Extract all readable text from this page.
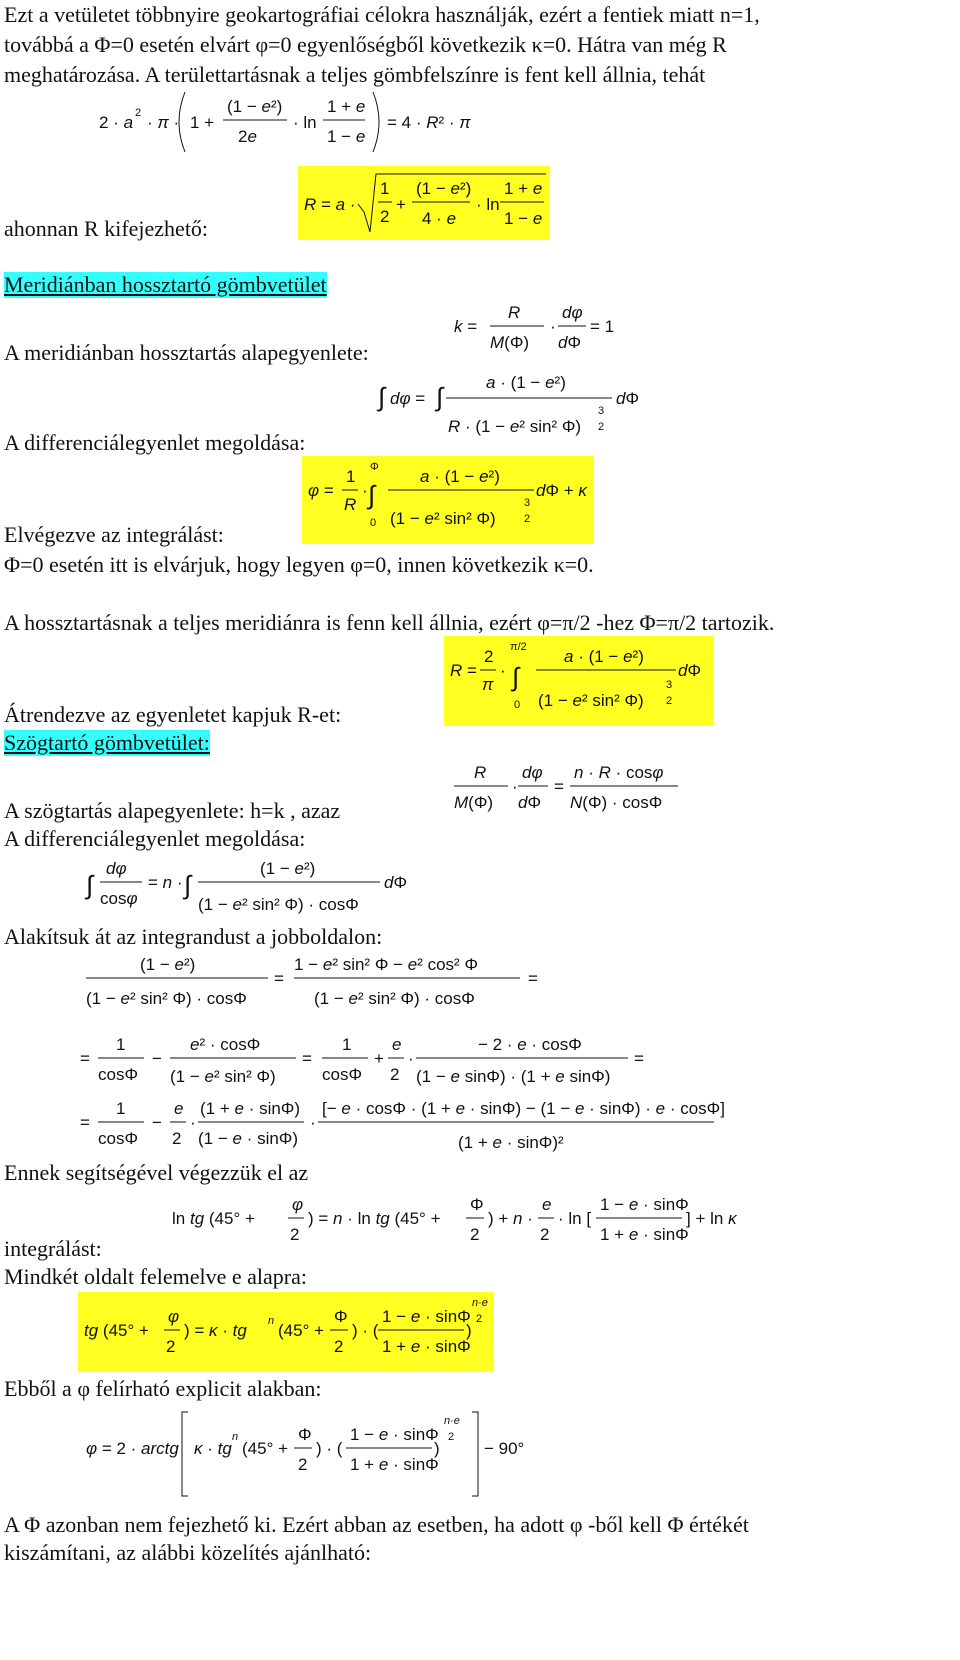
Ezt a vetületet többnyire geokartográfiai célokra használják, ezért a fentiek miatt n=1,
továbbá a Φ=0 esetén elvárt φ=0 egyenlőségből következik κ=0. Hátra van még R
meghatározása. A területtartásnak a teljes gömbfelszínre is fent kell állnia, tehát
2 · a 2 · π · 1 +
(1 − e²)
2e
· ln
1 + e
1 − e
= 4 · R² · π
R = a ·
1
2
+
(1 − e²)
4 · e
· ln
1 + e
1 − e
ahonnan R kifejezhető:
Meridiánban hossztartó gömbvetület
k =
R
M(Φ)
·
dφ
dΦ
= 1
A meridiánban hossztartás alapegyenlete:
∫ dφ = ∫	a · (1 − e²)
R · (1 − e² sin² Φ)
3
2
dΦ
A differenciálegyenlet megoldása:
φ =
1
R
·
Φ
∫
0
a · (1 − e²)
(1 − e² sin² Φ)
3
2
dΦ + κ
Elvégezve az integrálást:
Φ=0 esetén itt is elvárjuk, hogy legyen φ=0, innen következik κ=0.
A hossztartásnak a teljes meridiánra is fenn kell állnia, ezért φ=π/2 -hez Φ=π/2 tartozik.
R =
2
π
·
π/2
∫
0
a · (1 − e²)
(1 − e² sin² Φ)
3
2
dΦ
Átrendezve az egyenletet kapjuk R-et:
Szögtartó gömbvetület:
R
M(Φ)
·
dφ
dΦ
=
n · R · cosφ
N(Φ) · cosΦ
A szögtartás alapegyenlete: h=k , azaz
A differenciálegyenlet megoldása:
∫
dφ
cosφ
= n · ∫
(1 − e²)
(1 − e² sin² Φ) · cosΦ
dΦ
Alakítsuk át az integrandust a jobboldalon:
(1 − e²)
(1 − e² sin² Φ) · cosΦ
=
1 − e² sin² Φ − e² cos² Φ
(1 − e² sin² Φ) · cosΦ
=
=
1
cosΦ
−
e² · cosΦ
(1 − e² sin² Φ)
=
1
cosΦ
+
e
2
·
− 2 · e · cosΦ
(1 − e sinΦ) · (1 + e sinΦ)
=
=
1
cosΦ
−
e
2
·
(1 + e · sinΦ)
(1 − e · sinΦ)
·
[− e · cosΦ · (1 + e · sinΦ) − (1 − e · sinΦ) · e · cosΦ]
(1 + e · sinΦ)²
Ennek segítségével végezzük el az
ln tg (45° +
φ
2
) = n · ln tg (45° +
Φ
2
) + n ·
e
2
· ln [
1 − e · sinΦ
1 + e · sinΦ
] + ln κ
integrálást:
Mindkét oldalt felemelve e alapra:
tg (45° +
φ
2
) = κ · tg n (45° +
Φ
2
) · (
1 − e · sinΦ
1 + e · sinΦ
)
n·e
2
Ebből a φ felírható explicit alakban:
φ = 2 · arctg κ · tg
n
(45° +
Φ
2
) · (
1 − e · sinΦ
1 + e · sinΦ
)
n·e
2
− 90°
A Φ azonban nem fejezhető ki. Ezért abban az esetben, ha adott φ -ből kell Φ értékét
kiszámítani, az alábbi közelítés ajánlható:
